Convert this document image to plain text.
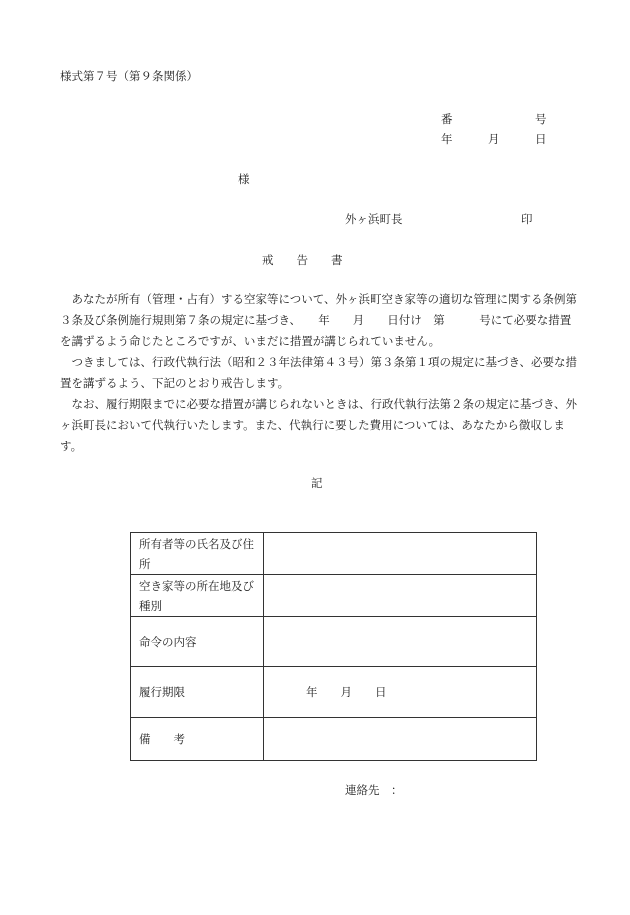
様式第７号（第９条関係）
番	号
年	月	日
様
外ヶ浜町長	印
戒　　告　　書

あなたが所有（管理・占有）する空家等について、外ヶ浜町空き家等の適切な管理に関する条例第３条及び条例施行規則第７条の規定に基づき、　　年　　月　　日付け　第　　　号にて必要な措置を講ずるよう命じたところですが、いまだに措置が講じられていません。

つきましては、行政代執行法（昭和２３年法律第４３号）第３条第１項の規定に基づき、必要な措置を講ずるよう、下記のとおり戒告します。

なお、履行期限までに必要な措置が講じられないときは、行政代執行法第２条の規定に基づき、外ヶ浜町長において代執行いたします。また、代執行に要した費用については、あなたから徴収します。

記
所有者等の氏名及び住所	
空き家等の所在地及び種別	
命令の内容	
履行期限	年　　月　　日
備　　考	
連絡先　：
